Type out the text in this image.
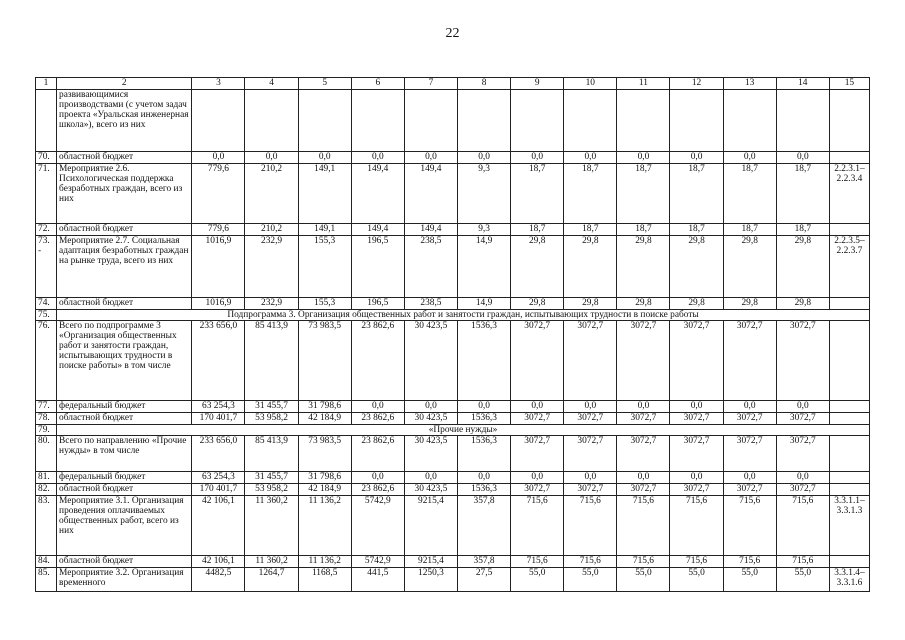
22
1	2	3	4	5	6	7	8	9	10	11	12	13	14	15
	развивающимися производствами (с учетом задач проекта «Уральская инженерная школа»), всего из них													
70.	областной бюджет	0,0	0,0	0,0	0,0	0,0	0,0	0,0	0,0	0,0	0,0	0,0	0,0	
71.	Мероприятие 2.6. Психологическая поддержка безработных граждан, всего из них	779,6	210,2	149,1	149,4	149,4	9,3	18,7	18,7	18,7	18,7	18,7	18,7	2.2.3.1– 2.2.3.4
72.	областной бюджет	779,6	210,2	149,1	149,4	149,4	9,3	18,7	18,7	18,7	18,7	18,7	18,7	
73. -	Мероприятие 2.7. Социальная адаптация безработных граждан на рынке труда, всего из них	1016,9	232,9	155,3	196,5	238,5	14,9	29,8	29,8	29,8	29,8	29,8	29,8	2.2.3.5– 2.2.3.7
74.	областной бюджет	1016,9	232,9	155,3	196,5	238,5	14,9	29,8	29,8	29,8	29,8	29,8	29,8	
75.	Подпрограмма 3. Организация общественных работ и занятости граждан, испытывающих трудности в поиске работы													
76.	Всего по подпрограмме 3 «Организация общественных работ и занятости граждан, испытывающих трудности в поиске работы» в том числе	233 656,0	85 413,9	73 983,5	23 862,6	30 423,5	1536,3	3072,7	3072,7	3072,7	3072,7	3072,7	3072,7	
77.	федеральный бюджет	63 254,3	31 455,7	31 798,6	0,0	0,0	0,0	0,0	0,0	0,0	0,0	0,0	0,0	
78.	областной бюджет	170 401,7	53 958,2	42 184,9	23 862,6	30 423,5	1536,3	3072,7	3072,7	3072,7	3072,7	3072,7	3072,7	
79.	«Прочие нужды»													
80.	Всего по направлению «Прочие нужды» в том числе	233 656,0	85 413,9	73 983,5	23 862,6	30 423,5	1536,3	3072,7	3072,7	3072,7	3072,7	3072,7	3072,7	
81.	федеральный бюджет	63 254,3	31 455,7	31 798,6	0,0	0,0	0,0	0,0	0,0	0,0	0,0	0,0	0,0	
82.	областной бюджет	170 401,7	53 958,2	42 184,9	23 862,6	30 423,5	1536,3	3072,7	3072,7	3072,7	3072,7	3072,7	3072,7	
83.	Мероприятие 3.1. Организация проведения оплачиваемых общественных работ, всего из них	42 106,1	11 360,2	11 136,2	5742,9	9215,4	357,8	715,6	715,6	715,6	715,6	715,6	715,6	3.3.1.1– 3.3.1.3
84.	областной бюджет	42 106,1	11 360,2	11 136,2	5742,9	9215,4	357,8	715,6	715,6	715,6	715,6	715,6	715,6	
85.	Мероприятие 3.2. Организация временного	4482,5	1264,7	1168,5	441,5	1250,3	27,5	55,0	55,0	55,0	55,0	55,0	55,0	3.3.1.4– 3.3.1.6
